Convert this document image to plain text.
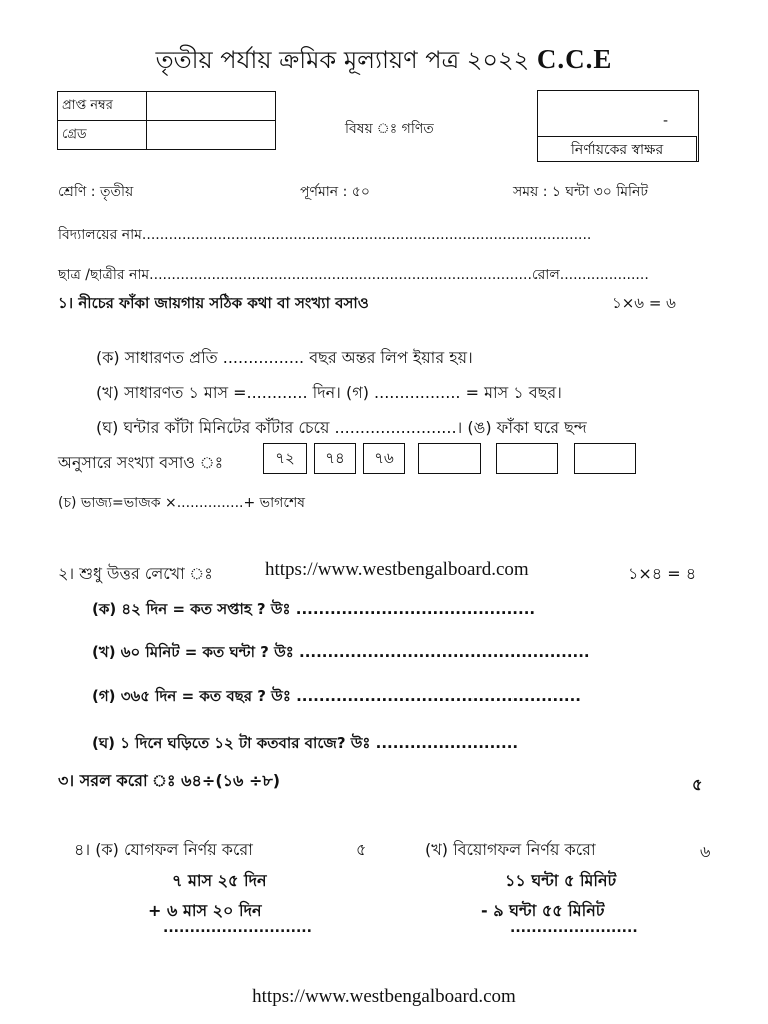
তৃতীয় পর্যায় ক্রমিক মূল্যায়ণ পত্র ২০২২ C.C.E
প্রাপ্ত নম্বর	
গ্রেড		বিষয় ঃ গণিত	-
নির্ণায়কের স্বাক্ষর
শ্রেণি : তৃতীয়	পূর্ণমান : ৫০	সময় : ১ ঘন্টা ৩০ মিনিট
বিদ্যালয়ের নাম.....................................................................................................
ছাত্র /ছাত্রীর নাম......................................................................................রোল....................
১। নীচের ফাঁকা জায়গায় সঠিক কথা বা সংখ্যা বসাও	১×৬ = ৬
(ক) সাধারণত প্রতি ................ বছর অন্তর লিপ ইয়ার হয়।
(খ) সাধারণত ১ মাস =............ দিন। (গ) ................. = মাস ১ বছর।
(ঘ) ঘন্টার কাঁটা মিনিটের কাঁটার চেয়ে ........................। (ঙ) ফাঁকা ঘরে ছন্দ
অনুসারে সংখ্যা বসাও ঃ	৭২	৭৪	৭৬
(চ) ভাজ্য=ভাজক ×...............+ ভাগশেষ
২। শুধু উত্তর লেখো ঃ	https://www.westbengalboard.com	১×৪ = ৪
(ক) ৪২ দিন = কত সপ্তাহ ? উঃ ..........................................
(খ) ৬০ মিনিট = কত ঘন্টা ? উঃ ...................................................
(গ) ৩৬৫ দিন = কত বছর ? উঃ ..................................................
(ঘ) ১ দিনে ঘড়িতে ১২ টা কতবার বাজে? উঃ .........................
৩। সরল করো ঃ ৬৪÷(১৬ ÷৮)	৫
৪। (ক) যোগফল নির্ণয় করো	৫	(খ) বিয়োগফল নির্ণয় করো	৬
৭ মাস ২৫ দিন
+ ৬ মাস ২০ দিন
............................
১১ ঘন্টা ৫ মিনিট
- ৯ ঘন্টা ৫৫ মিনিট
........................
https://www.westbengalboard.com
